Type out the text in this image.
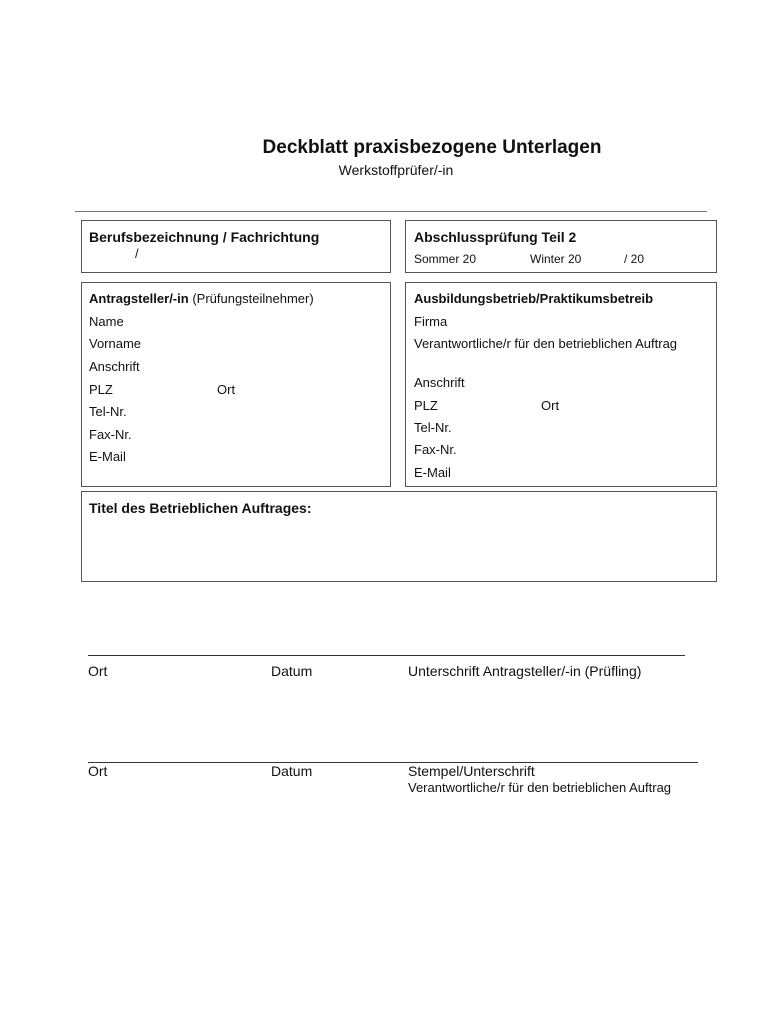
Deckblatt praxisbezogene Unterlagen
Werkstoffprüfer/-in
Berufsbezeichnung / Fachrichtung
/
Abschlussprüfung Teil 2
Sommer 20	Winter 20	/ 20
Antragsteller/-in (Prüfungsteilnehmer)
Name
Vorname
Anschrift
PLZ	Ort
Tel-Nr.
Fax-Nr.
E-Mail
Ausbildungsbetrieb/Praktikumsbetreib
Firma
Verantwortliche/r für den betrieblichen Auftrag
Anschrift
PLZ	Ort
Tel-Nr.
Fax-Nr.
E-Mail
Titel des Betrieblichen Auftrages:
Ort	Datum	Unterschrift Antragsteller/-in (Prüfling)
Ort	Datum	Stempel/Unterschrift
Verantwortliche/r für den betrieblichen Auftrag
